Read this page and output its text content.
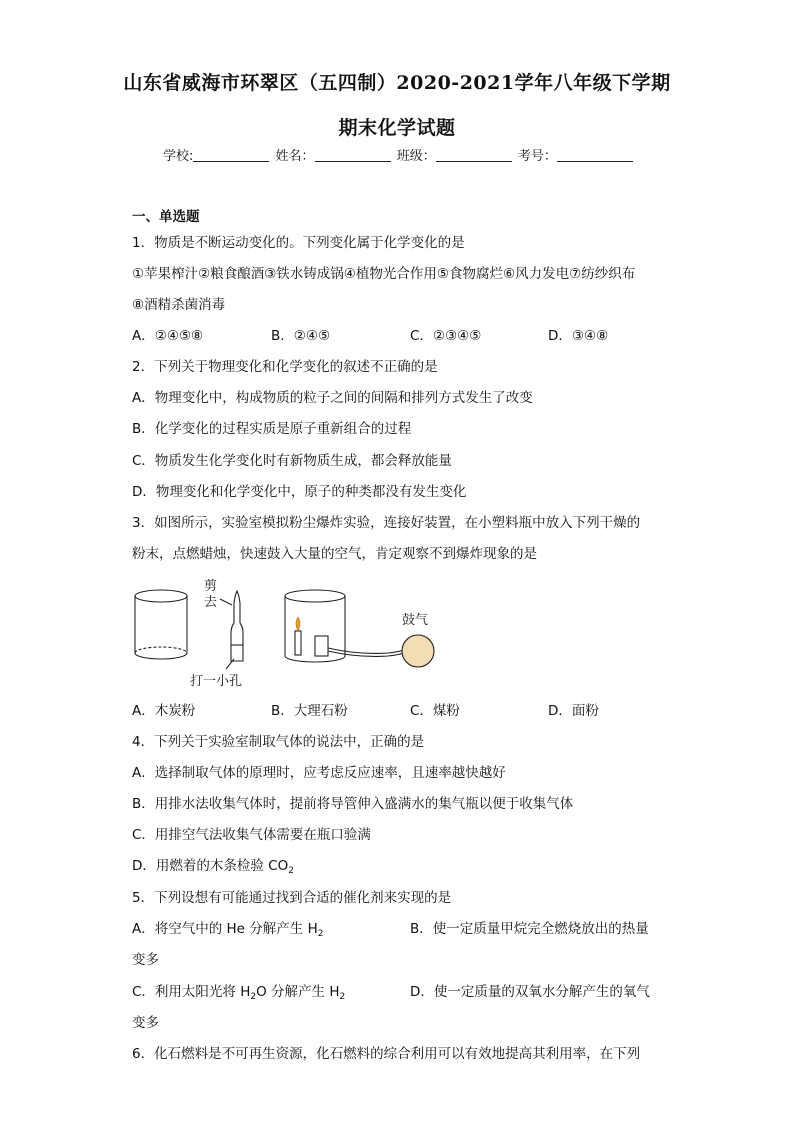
山东省威海市环翠区（五四制）2020-2021学年八年级下学期
期末化学试题
学校:	姓名：	班级：	考号：
一、单选题
1．物质是不断运动变化的。下列变化属于化学变化的是
①苹果榨汁②粮食酿酒③铁水铸成锅④植物光合作用⑤食物腐烂⑥风力发电⑦纺纱织布
⑧酒精杀菌消毒
A．②④⑤⑧	B．②④⑤	C．②③④⑤	D．③④⑧
2．下列关于物理变化和化学变化的叙述不正确的是
A．物理变化中，构成物质的粒子之间的间隔和排列方式发生了改变
B．化学变化的过程实质是原子重新组合的过程
C．物质发生化学变化时有新物质生成，都会释放能量
D．物理变化和化学变化中，原子的种类都没有发生变化
3．如图所示，实验室模拟粉尘爆炸实验，连接好装置，在小塑料瓶中放入下列干燥的
粉末，点燃蜡烛，快速鼓入大量的空气，肯定观察不到爆炸现象的是
剪
去
打一小孔
鼓气
A．木炭粉	B．大理石粉	C．煤粉	D．面粉
4．下列关于实验室制取气体的说法中，正确的是
A．选择制取气体的原理时，应考虑反应速率，且速率越快越好
B．用排水法收集气体时，提前将导管伸入盛满水的集气瓶以便于收集气体
C．用排空气法收集气体需要在瓶口验满
D．用燃着的木条检验 $CO_2$
5．下列设想有可能通过找到合适的催化剂来实现的是
A．将空气中的 He 分解产生 $H_2$	B．使一定质量甲烷完全燃烧放出的热量
变多
C．利用太阳光将 $H_2O$ 分解产生 $H_2$	D．使一定质量的双氧水分解产生的氧气
变多
6．化石燃料是不可再生资源，化石燃料的综合利用可以有效地提高其利用率，在下列
